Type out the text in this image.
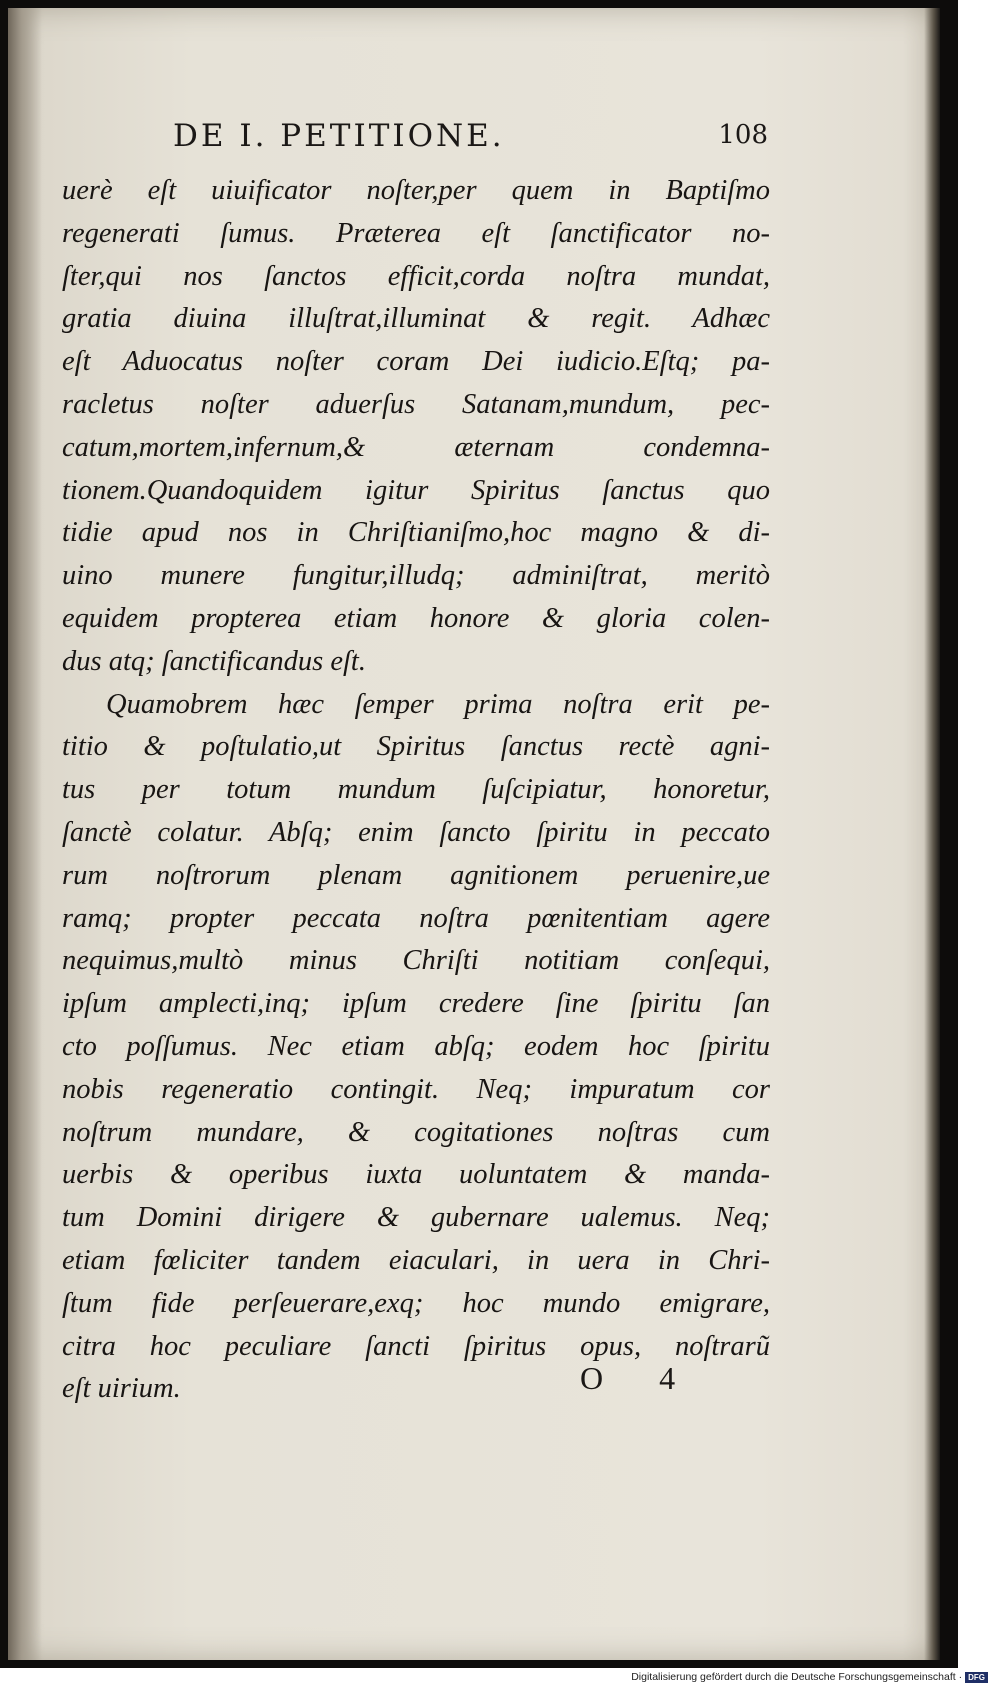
DE I. PETITIONE.	108
uerè eſt uiuificator noſter,per quem in Baptiſmo
regenerati ſumus. Præterea eſt ſanctificator no-
ſter,qui nos ſanctos efficit,corda noſtra mundat,
gratia diuina illuſtrat,illuminat & regit. Adhæc
eſt Aduocatus noſter coram Dei iudicio.Eſtq; pa-
racletus noſter aduerſus Satanam,mundum, pec-
catum,mortem,infernum,& æternam condemna-
tionem.Quandoquidem igitur Spiritus ſanctus quo
tidie apud nos in Chriſtianiſmo,hoc magno & di-
uino munere fungitur,illudq; adminiſtrat, meritò
equidem propterea etiam honore & gloria colen-
dus atq; ſanctificandus eſt.
Quamobrem hæc ſemper prima noſtra erit pe-
titio & poſtulatio,ut Spiritus ſanctus rectè agni-
tus per totum mundum ſuſcipiatur, honoretur,
ſanctè colatur. Abſq; enim ſancto ſpiritu in peccato
rum noſtrorum plenam agnitionem peruenire,ue
ramq; propter peccata noſtra pœnitentiam agere
nequimus,multò minus Chriſti notitiam conſequi,
ipſum amplecti,inq; ipſum credere ſine ſpiritu ſan
cto poſſumus. Nec etiam abſq; eodem hoc ſpiritu
nobis regeneratio contingit. Neq; impuratum cor
noſtrum mundare, & cogitationes noſtras cum
uerbis & operibus iuxta uoluntatem & manda-
tum Domini dirigere & gubernare ualemus. Neq;
etiam fœliciter tandem eiaculari, in uera in Chri-
ſtum fide perſeuerare,exq; hoc mundo emigrare,
citra hoc peculiare ſancti ſpiritus opus, noſtrarũ
eſt uirium.	O 4
Digitalisierung gefördert durch die Deutsche Forschungsgemeinschaft · DFG
